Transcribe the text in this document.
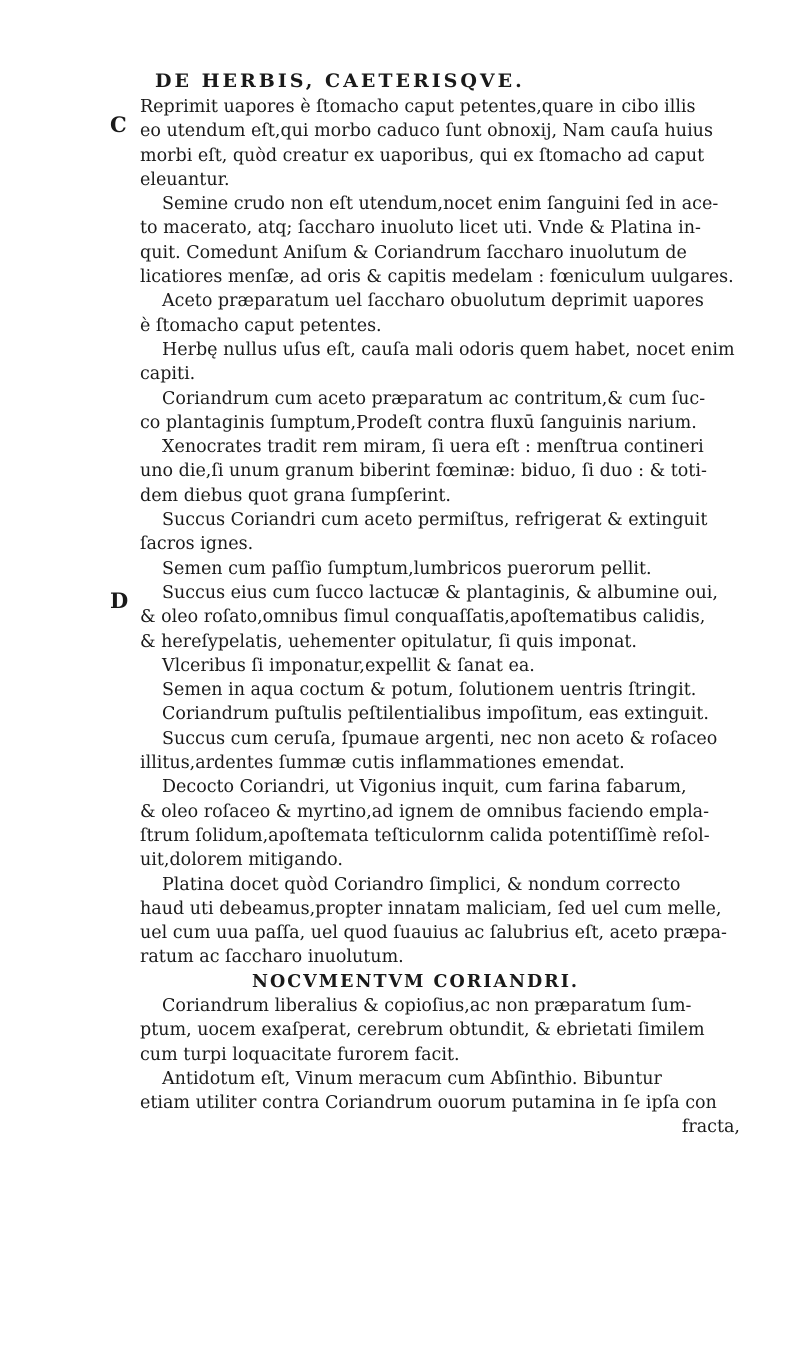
DE HERBIS, CAETERISQVE.
C
D
Reprimit uapores è ſtomacho caput petentes,quare in cibo illis
eo utendum eſt,qui morbo caduco ſunt obnoxij, Nam cauſa huius
morbi eſt, quòd creatur ex uaporibus, qui ex ſtomacho ad caput
eleuantur.
Semine crudo non eſt utendum,nocet enim ſanguini ſed in ace-
to macerato, atq; ſaccharo inuoluto licet uti. Vnde & Platina in-
quit. Comedunt Aniſum & Coriandrum ſaccharo inuolutum de
licatiores menſæ, ad oris & capitis medelam : fœniculum uulgares.
Aceto præparatum uel ſaccharo obuolutum deprimit uapores
è ſtomacho caput petentes.
Herbę nullus uſus eſt, cauſa mali odoris quem habet, nocet enim
capiti.
Coriandrum cum aceto præparatum ac contritum,& cum ſuc-
co plantaginis ſumptum,Prodeſt contra fluxū ſanguinis narium.
Xenocrates tradit rem miram, ſi uera eſt : menſtrua contineri
uno die,ſi unum granum biberint fœminæ: biduo, ſi duo : & toti-
dem diebus quot grana ſumpſerint.
Succus Coriandri cum aceto permiſtus, refrigerat & extinguit
ſacros ignes.
Semen cum paſſio ſumptum,lumbricos puerorum pellit.
Succus eius cum ſucco lactucæ & plantaginis, & albumine oui,
& oleo roſato,omnibus ſimul conquaſſatis,apoſtematibus calidis,
& hereſypelatis, uehementer opitulatur, ſi quis imponat.
Vlceribus ſi imponatur,expellit & ſanat ea.
Semen in aqua coctum & potum, ſolutionem uentris ſtringit.
Coriandrum puſtulis peſtilentialibus impoſitum, eas extinguit.
Succus cum ceruſa, ſpumaue argenti, nec non aceto & roſaceo
illitus,ardentes ſummæ cutis inflammationes emendat.
Decocto Coriandri, ut Vigonius inquit, cum farina fabarum,
& oleo roſaceo & myrtino,ad ignem de omnibus faciendo empla-
ſtrum ſolidum,apoſtemata teſticulornm calida potentiſſimè reſol-
uit,dolorem mitigando.
Platina docet quòd Coriandro ſimplici, & nondum correcto
haud uti debeamus,propter innatam maliciam, ſed uel cum melle,
uel cum uua paſſa, uel quod ſuauius ac ſalubrius eſt, aceto præpa-
ratum ac ſaccharo inuolutum.
NOCVMENTVM CORIANDRI.
Coriandrum liberalius & copioſius,ac non præparatum ſum-
ptum, uocem exaſperat, cerebrum obtundit, & ebrietati ſimilem
cum turpi loquacitate furorem facit.
Antidotum eſt, Vinum meracum cum Abſinthio. Bibuntur
etiam utiliter contra Coriandrum ouorum putamina in ſe ipſa con
fracta,
